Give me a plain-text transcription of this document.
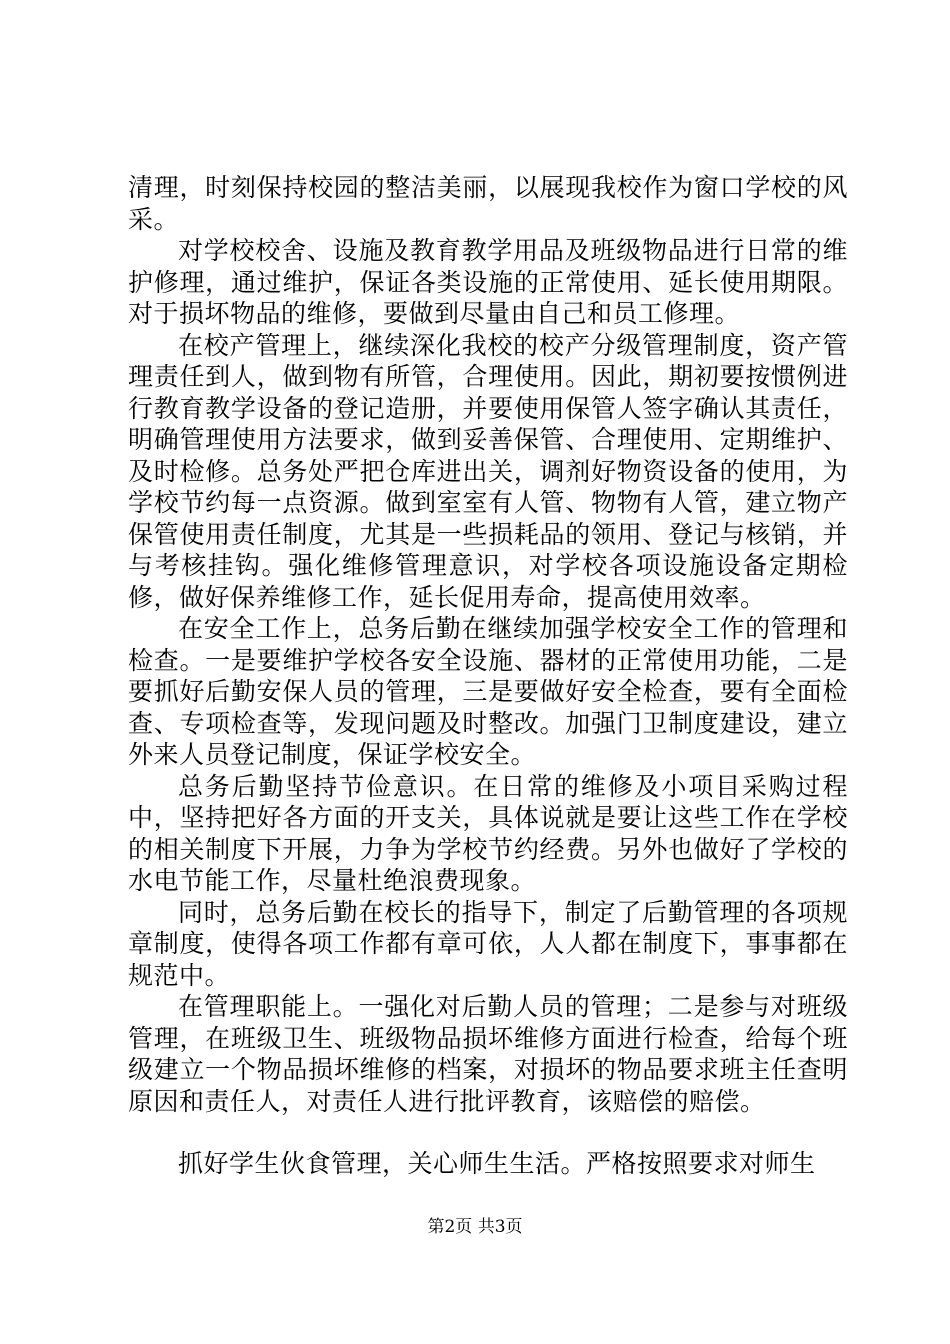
清理，时刻保持校园的整洁美丽，以展现我校作为窗口学校的风采。

对学校校舍、设施及教育教学用品及班级物品进行日常的维护修理，通过维护，保证各类设施的正常使用、延长使用期限。对于损坏物品的维修，要做到尽量由自己和员工修理。

在校产管理上，继续深化我校的校产分级管理制度，资产管理责任到人，做到物有所管，合理使用。因此，期初要按惯例进行教育教学设备的登记造册，并要使用保管人签字确认其责任，明确管理使用方法要求，做到妥善保管、合理使用、定期维护、及时检修。总务处严把仓库进出关，调剂好物资设备的使用，为学校节约每一点资源。做到室室有人管、物物有人管，建立物产保管使用责任制度，尤其是一些损耗品的领用、登记与核销，并与考核挂钩。强化维修管理意识，对学校各项设施设备定期检修，做好保养维修工作，延长促用寿命，提高使用效率。

在安全工作上，总务后勤在继续加强学校安全工作的管理和检查。一是要维护学校各安全设施、器材的正常使用功能，二是要抓好后勤安保人员的管理，三是要做好安全检查，要有全面检查、专项检查等，发现问题及时整改。加强门卫制度建设，建立外来人员登记制度，保证学校安全。

总务后勤坚持节俭意识。在日常的维修及小项目采购过程中，坚持把好各方面的开支关，具体说就是要让这些工作在学校的相关制度下开展，力争为学校节约经费。另外也做好了学校的水电节能工作，尽量杜绝浪费现象。

同时，总务后勤在校长的指导下，制定了后勤管理的各项规章制度，使得各项工作都有章可依，人人都在制度下，事事都在规范中。

在管理职能上。一强化对后勤人员的管理；二是参与对班级管理，在班级卫生、班级物品损坏维修方面进行检查，给每个班级建立一个物品损坏维修的档案，对损坏的物品要求班主任查明原因和责任人，对责任人进行批评教育，该赔偿的赔偿。

抓好学生伙食管理，关心师生生活。严格按照要求对师生

第2页 共3页
